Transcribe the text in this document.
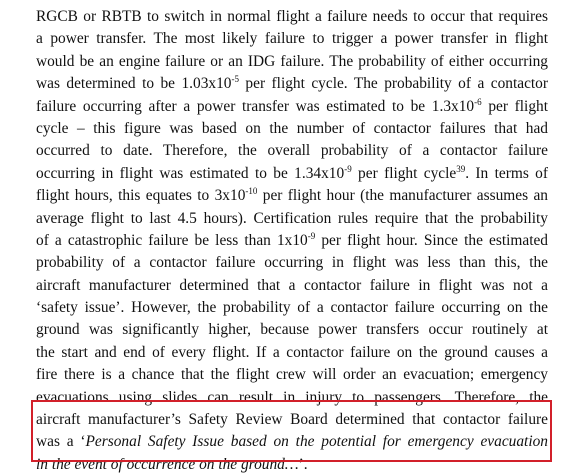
RGCB or RBTB to switch in normal flight a failure needs to occur that requires
a power transfer. The most likely failure to trigger a power transfer in flight
would be an engine failure or an IDG failure. The probability of either occurring
was determined to be $1.03x10^{-5}$ per flight cycle. The probability of a contactor
failure occurring after a power transfer was estimated to be $1.3x10^{-6}$ per flight
cycle – this figure was based on the number of contactor failures that had
occurred to date. Therefore, the overall probability of a contactor failure
occurring in flight was estimated to be $1.34x10^{-9}$ per flight cycle$^{39}$. In terms of
flight hours, this equates to $3x10^{-10}$ per flight hour (the manufacturer assumes an
average flight to last 4.5 hours). Certification rules require that the probability
of a catastrophic failure be less than $1x10^{-9}$ per flight hour. Since the estimated
probability of a contactor failure occurring in flight was less than this, the
aircraft manufacturer determined that a contactor failure in flight was not a
‘safety issue’. However, the probability of a contactor failure occurring on the
ground was significantly higher, because power transfers occur routinely at
the start and end of every flight. If a contactor failure on the ground causes a
fire there is a chance that the flight crew will order an evacuation; emergency
evacuations using slides can result in injury to passengers. Therefore, the
aircraft manufacturer’s Safety Review Board determined that contactor failure
was a ‘Personal Safety Issue based on the potential for emergency evacuation
in the event of occurrence on the ground…’.
